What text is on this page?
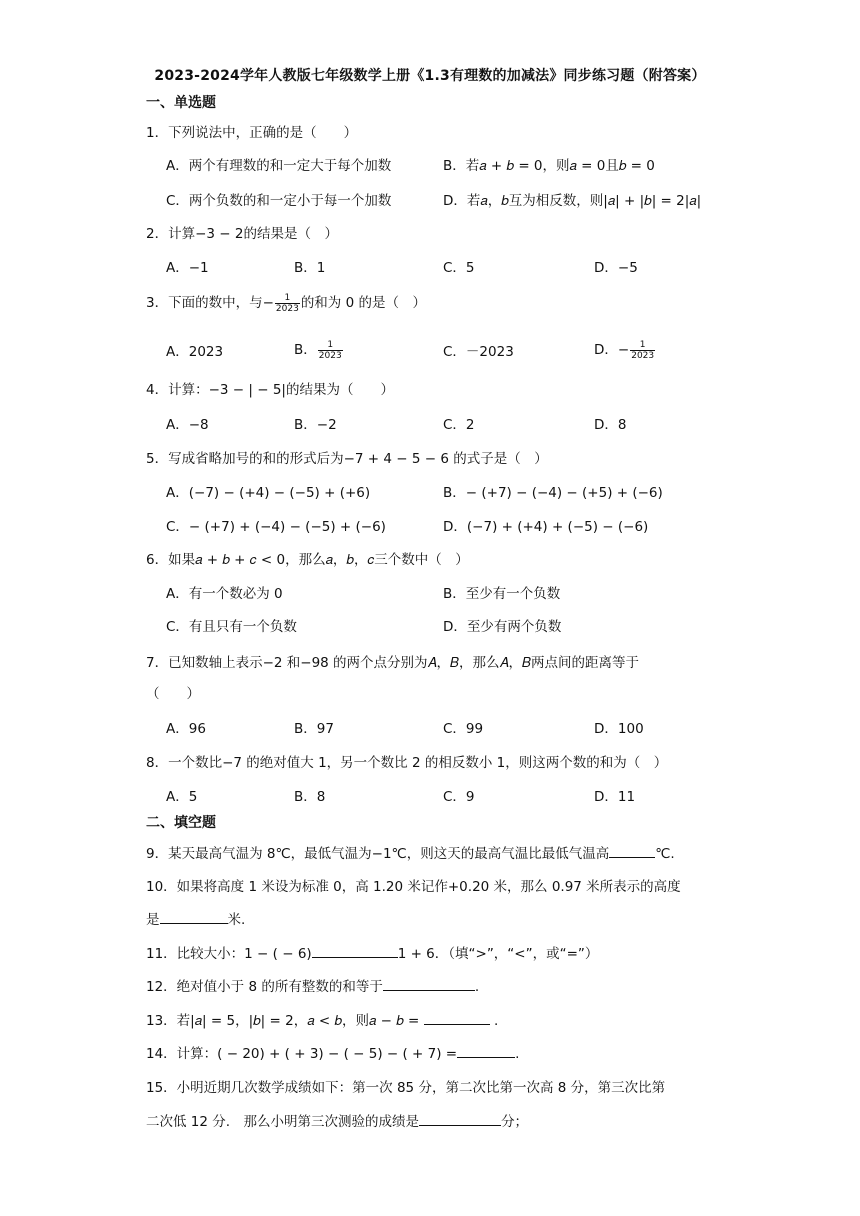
2023-2024学年人教版七年级数学上册《1.3有理数的加减法》同步练习题（附答案）
一、单选题
1．下列说法中，正确的是（　　）
A．两个有理数的和一定大于每个加数	B．若𝑎 + 𝑏 = 0，则𝑎 = 0且𝑏 = 0
C．两个负数的和一定小于每一个加数	D．若𝑎，𝑏互为相反数，则|𝑎| + |𝑏| = 2|𝑎|
2．计算−3 − 2的结果是（　）
A．−1	B．1	C．5	D．−5
3．下面的数中，与− $\frac{1}{2023}$ 的和为 0 的是（　）
A．2023	B． $\frac{1}{2023}$	C．－2023	D．− $\frac{1}{2023}$
4．计算：−3 − | − 5|的结果为（　　）
A．−8	B．−2	C．2	D．8
5．写成省略加号的和的形式后为−7 + 4 − 5 − 6 的式子是（　）
A．(−7) − (+4) − (−5) + (+6)	B．− (+7) − (−4) − (+5) + (−6)
C．− (+7) + (−4) − (−5) + (−6)	D．(−7) + (+4) + (−5) − (−6)
6．如果𝑎 + 𝑏 + 𝑐 < 0，那么𝑎，𝑏，𝑐三个数中（　）
A．有一个数必为 0	B．至少有一个负数
C．有且只有一个负数	D．至少有两个负数
7．已知数轴上表示−2 和−98 的两个点分别为𝐴，𝐵，那么𝐴，𝐵两点间的距离等于
（　　）
A．96	B．97	C．99	D．100
8．一个数比−7 的绝对值大 1，另一个数比 2 的相反数小 1，则这两个数的和为（　）
A．5	B．8	C．9	D．11
二、填空题
9．某天最高气温为 8℃，最低气温为−1℃，则这天的最高气温比最低气温高	℃.
10．如果将高度 1 米设为标准 0，高 1.20 米记作+0.20 米，那么 0.97 米所表示的高度
是	米.
11．比较大小：1 − ( − 6)	1 + 6．（填“>”，“<”，或“=”）
12．绝对值小于 8 的所有整数的和等于	.
13．若|𝑎| = 5，|𝑏| = 2，𝑎 < 𝑏，则𝑎 − 𝑏 =	.
14．计算：( − 20) + ( + 3) − ( − 5) − ( + 7) =	.
15．小明近期几次数学成绩如下：第一次 85 分，第二次比第一次高 8 分，第三次比第
二次低 12 分.　那么小明第三次测验的成绩是	分；
